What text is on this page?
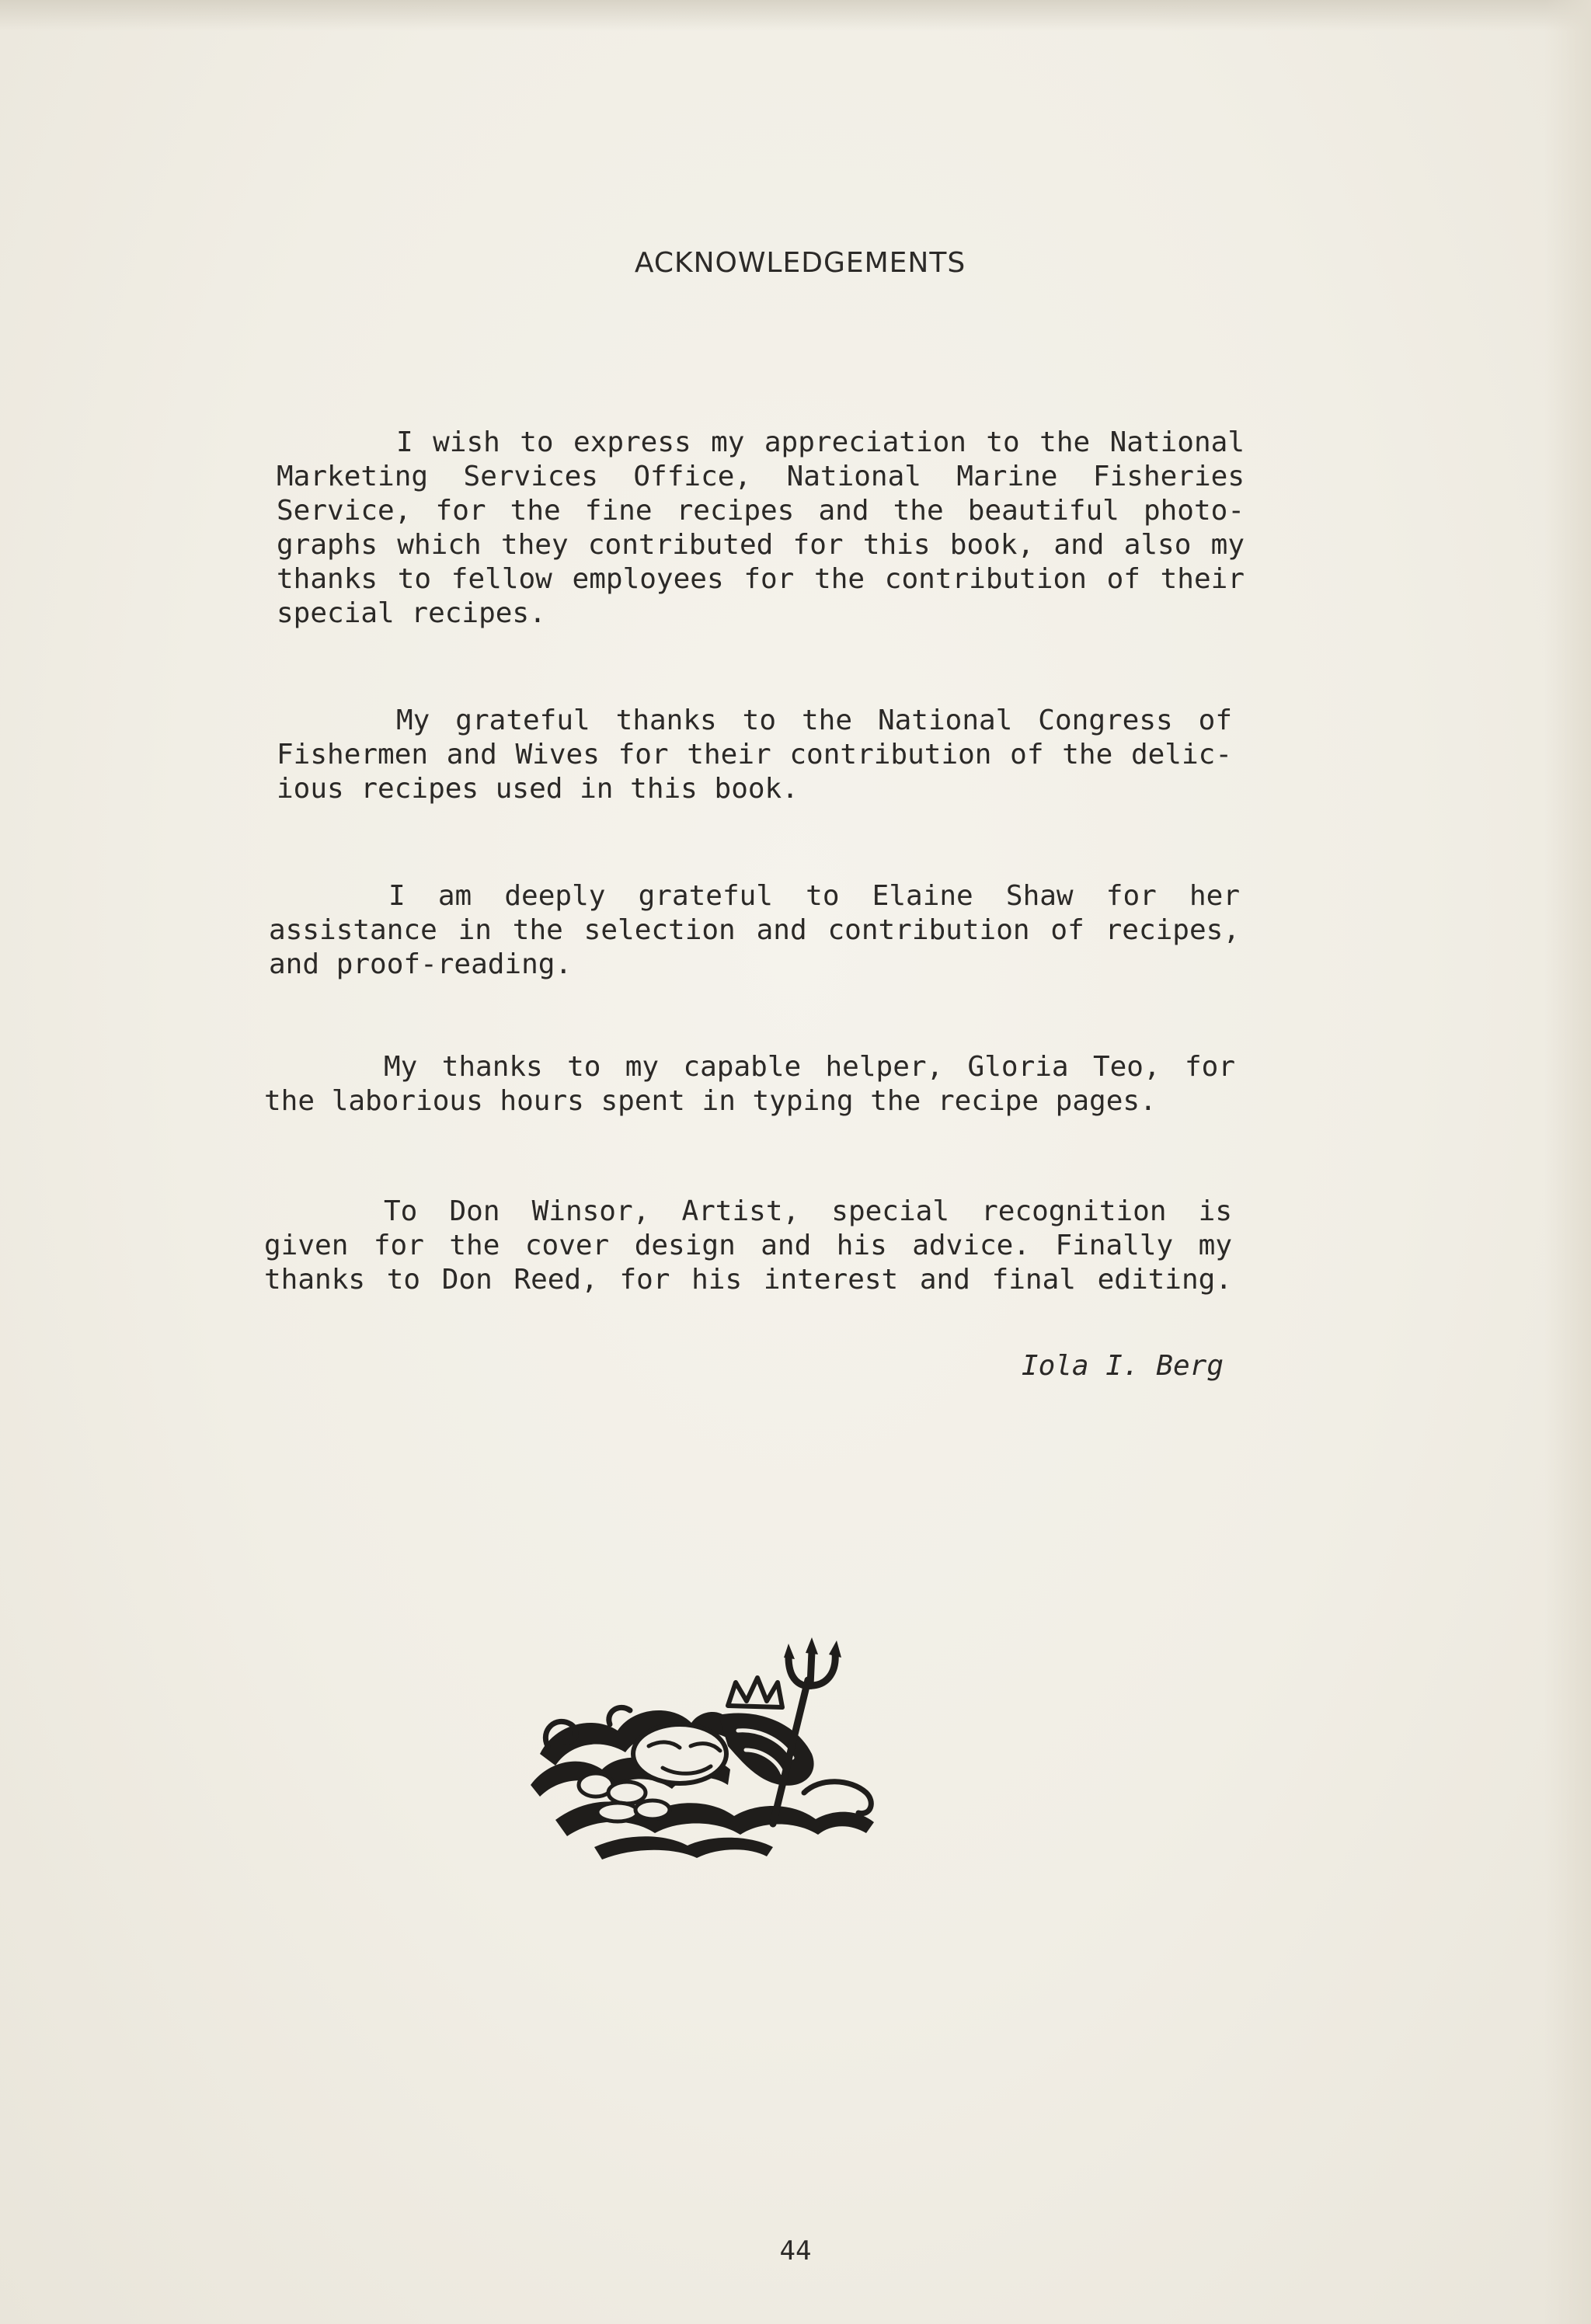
ACKNOWLEDGEMENTS
I wish to express my appreciation to the National
Marketing Services Office, National Marine Fisheries
Service, for the fine recipes and the beautiful photo-
graphs which they contributed for this book, and also my
thanks to fellow employees for the contribution of their
special recipes.
My grateful thanks to the National Congress of
Fishermen and Wives for their contribution of the delic-
ious recipes used in this book.
I am deeply grateful to Elaine Shaw for her
assistance in the selection and contribution of recipes,
and proof-reading.
My thanks to my capable helper, Gloria Teo, for
the laborious hours spent in typing the recipe pages.
To Don Winsor, Artist, special recognition is
given for the cover design and his advice. Finally my
thanks to Don Reed, for his interest and final editing.
Iola I. Berg
44
